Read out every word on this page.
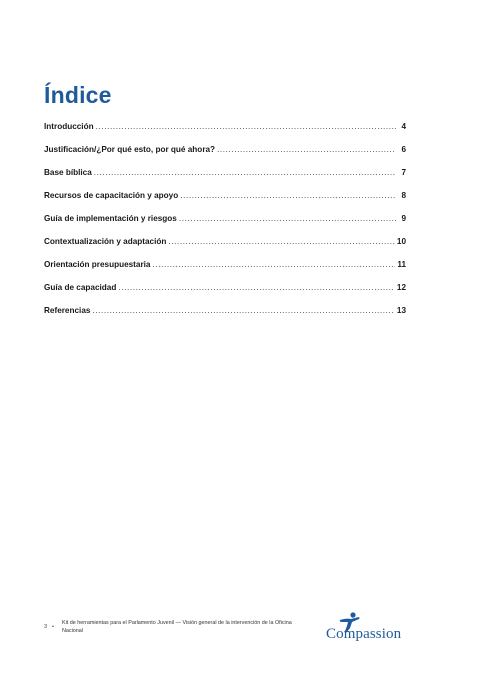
Índice
Introducción .....	4
Justificación/¿Por qué esto, por qué ahora? .....	6
Base bíblica .....	7
Recursos de capacitación y apoyo .....	8
Guía de implementación y riesgos .....	9
Contextualización y adaptación .....	10
Orientación presupuestaria .....	11
Guía de capacidad .....	12
Referencias .....	13
3 •
Kit de herramientas para el Parlamento Juvenil — Visión general de la intervención de la Oficina Nacional	Compassion
